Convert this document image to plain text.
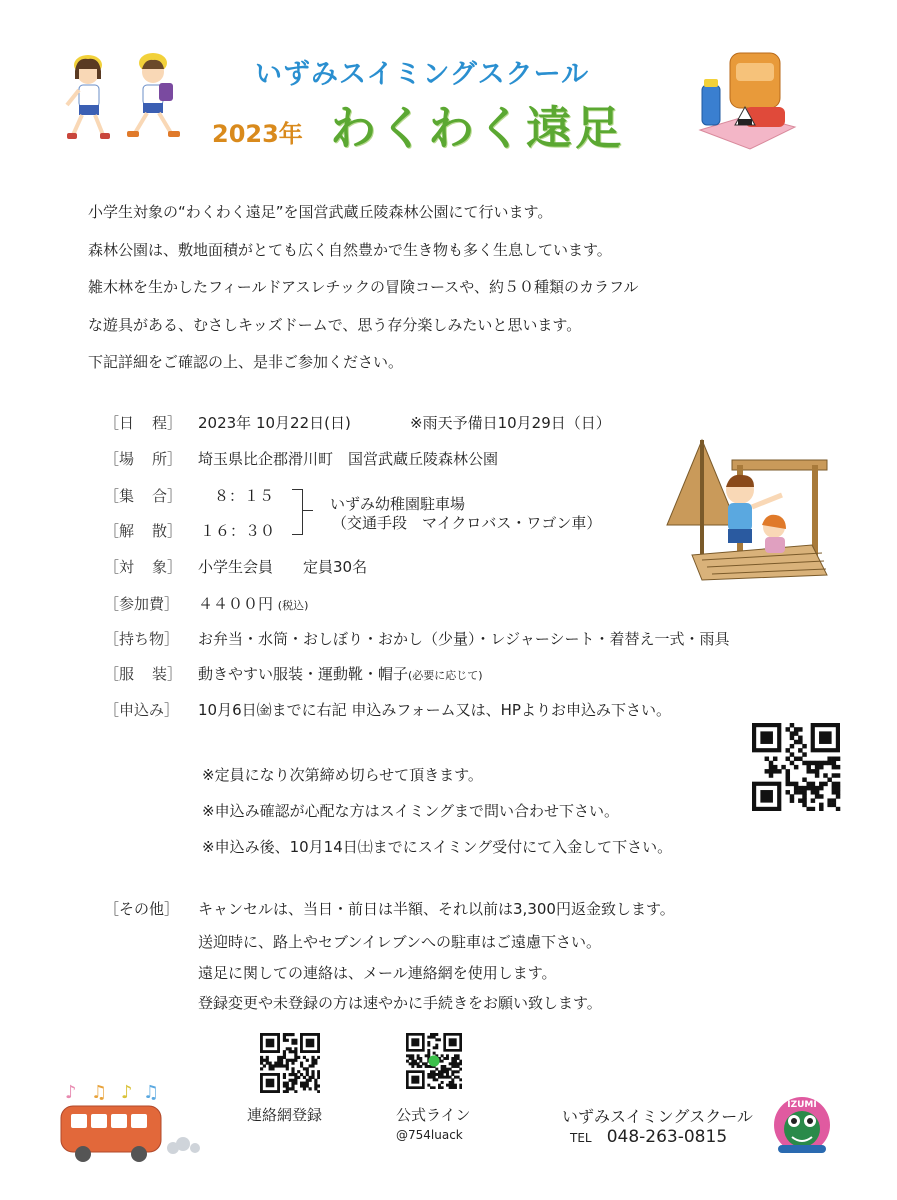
いずみスイミングスクール
2023年 わくわく遠足

小学生対象の“わくわく遠足”を国営武蔵丘陵森林公園にて行います。

森林公園は、敷地面積がとても広く自然豊かで生き物も多く生息しています。

雑木林を生かしたフィールドアスレチックの冒険コースや、約５０種類のカラフル

な遊具がある、むさしキッズドームで、思う存分楽しみたいと思います。

下記詳細をご確認の上、是非ご参加ください。

［日 程］ 2023年 10月22日(日)	※雨天予備日10月29日（日）
［場 所］ 埼玉県比企郡滑川町　国営武蔵丘陵森林公園
［集 合］ ８：１５
［解 散］ １６：３０
いずみ幼稚園駐車場
（交通手段　マイクロバス・ワゴン車）
［対 象］ 小学生会員　　定員30名
［参加費］ ４４００円 (税込)
［持ち物］ お弁当・水筒・おしぼり・おかし（少量）・レジャーシート・着替え一式・雨具
［服 装］ 動きやすい服装・運動靴・帽子(必要に応じて)
［申込み］ 10月6日㈮までに右記 申込みフォーム又は、HPよりお申込み下さい。

※定員になり次第締め切らせて頂きます。

※申込み確認が心配な方はスイミングまで問い合わせ下さい。

※申込み後、10月14日㈯までにスイミング受付にて入金して下さい。

［その他］ キャンセルは、当日・前日は半額、それ以前は3,300円返金致します。
送迎時に、路上やセブンイレブンへの駐車はご遠慮下さい。
遠足に関しての連絡は、メール連絡網を使用します。
登録変更や未登録の方は速やかに手続きをお願い致します。
♪ ♫ ♪ ♫
連絡網登録	公式ライン
@754luack
いずみスイミングスクール
TEL 048-263-0815
IZUMI
